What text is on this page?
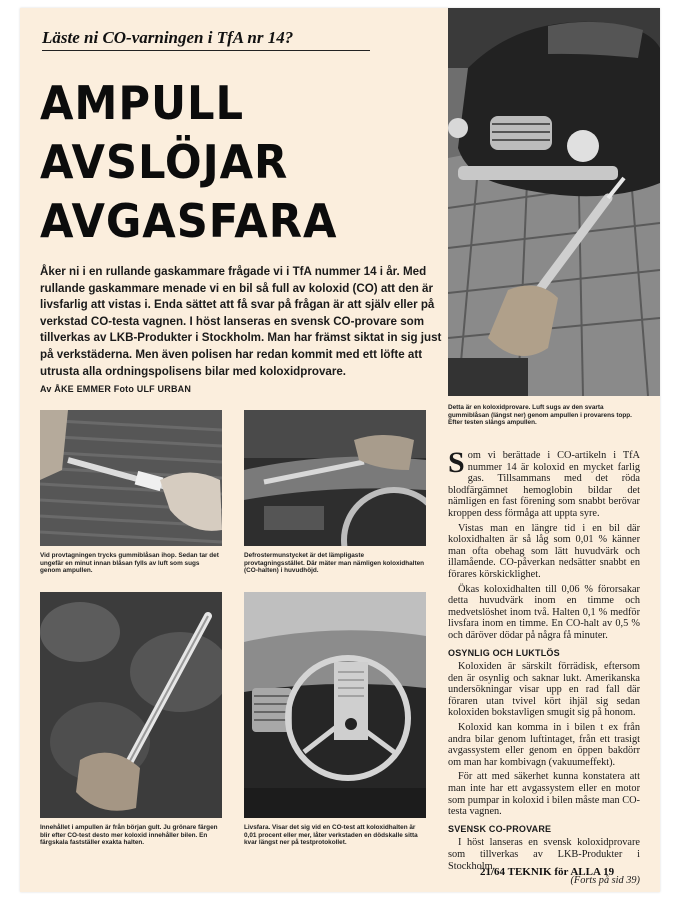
Läste ni CO-varningen i TfA nr 14?
AMPULL
AVSLÖJAR
AVGASFARA
Åker ni i en rullande gaskammare frågade vi i TfA nummer 14 i år. Med rullande gaskammare menade vi en bil så full av koloxid (CO) att den är livsfarlig att vistas i. Enda sättet att få svar på frågan är att själv eller på verkstad CO-testa vagnen. I höst lanseras en svensk CO-provare som tillverkas av LKB-Produkter i Stockholm. Man har främst siktat in sig just på verkstäderna. Men även polisen har redan kommit med ett löfte att utrusta alla ordningspolisens bilar med koloxidprovare.
Av ÅKE EMMER Foto ULF URBAN
Detta är en koloxidprovare. Luft sugs av den svarta gummiblåsan (längst ner) genom ampullen i provarens topp. Efter testen slängs ampullen.
Vid provtagningen trycks gummiblåsan ihop. Sedan tar det ungefär en minut innan blåsan fylls av luft som sugs genom ampullen.
Defrostermunstycket är det lämpligaste provtagningsstället. Där mäter man nämligen koloxidhalten (CO-halten) i huvudhöjd.
Innehållet i ampullen är från början gult. Ju grönare färgen blir efter CO-test desto mer koloxid innehåller bilen. En färgskala fastställer exakta halten.
Livsfara. Visar det sig vid en CO-test att koloxidhalten är 0,01 procent eller mer, låter verkstaden en dödskalle sitta kvar längst ner på testprotokollet.

Som vi berättade i CO-artikeln i TfA nummer 14 är koloxid en mycket farlig gas. Tillsammans med det röda blodfärgämnet hemoglobin bildar det nämligen en fast förening som snabbt berövar kroppen dess förmåga att uppta syre.

Vistas man en längre tid i en bil där koloxidhalten är så låg som 0,01 % känner man ofta obehag som lätt huvudvärk och illamående. CO-påverkan nedsätter snabbt en förares körskicklighet.

Ökas koloxidhalten till 0,06 % förorsakar detta huvudvärk inom en timme och medvetslöshet inom två. Halten 0,1 % medför livsfara inom en timme. En CO-halt av 0,5 % och däröver dödar på några få minuter.

OSYNLIG OCH LUKTLÖS

Koloxiden är särskilt förrädisk, eftersom den är osynlig och saknar lukt. Amerikanska undersökningar visar upp en rad fall där föraren utan tvivel kört ihjäl sig sedan koloxiden bokstavligen smugit sig på honom.

Koloxid kan komma in i bilen t ex från andra bilar genom luftintaget, från ett trasigt avgassystem eller genom en öppen bakdörr om man har kombivagn (vakuumeffekt).

För att med säkerhet kunna konstatera att man inte har ett avgassystem eller en motor som pumpar in koloxid i bilen måste man CO-testa vagnen.

SVENSK CO-PROVARE

I höst lanseras en svensk koloxidprovare som tillverkas av LKB-Produkter i Stockholm.

(Forts på sid 39)
21/64 TEKNIK för ALLA 19
